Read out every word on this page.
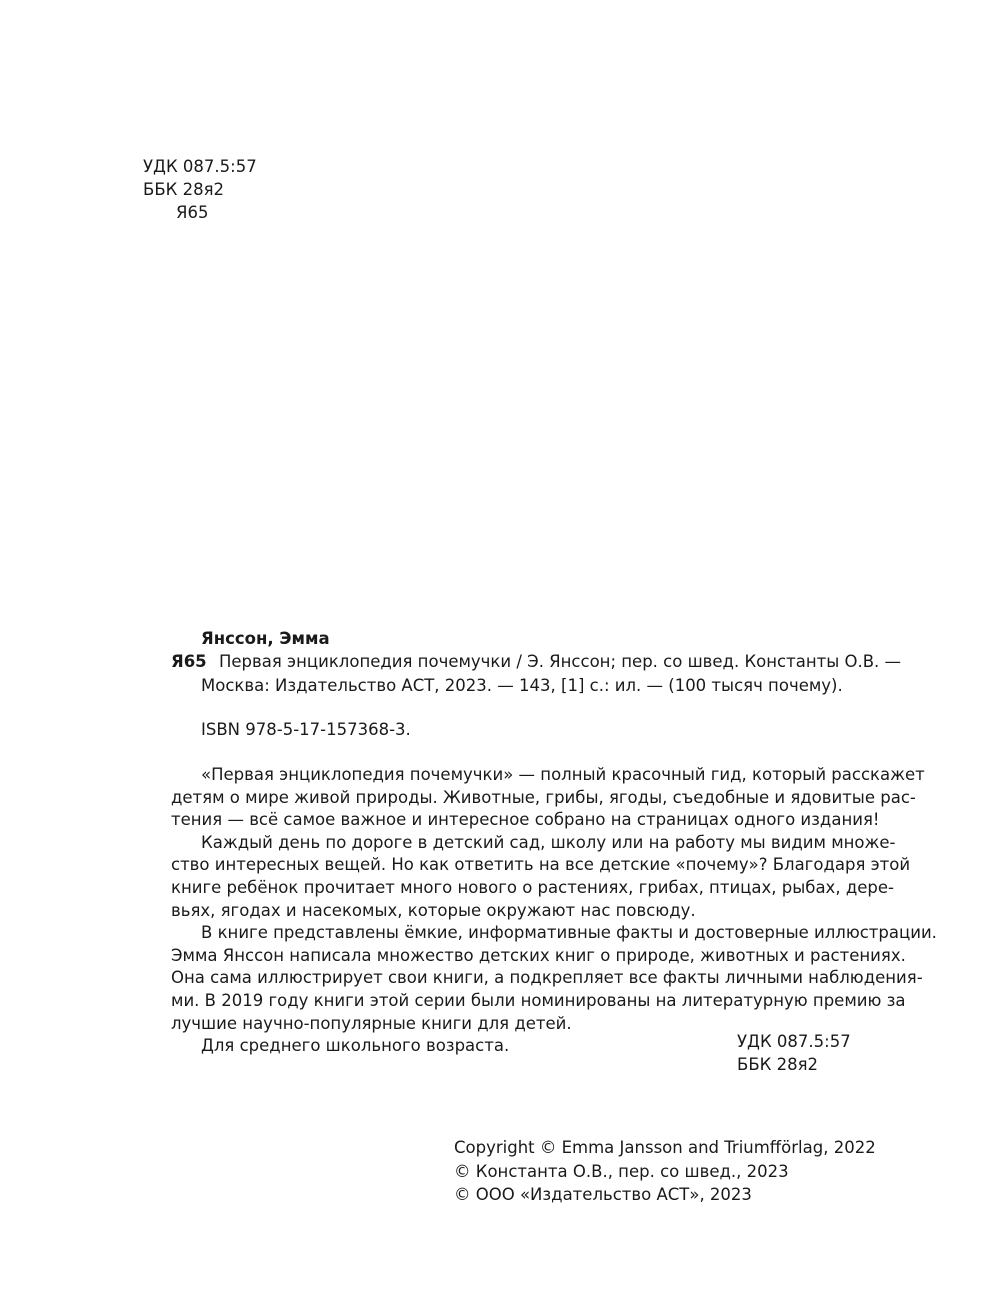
УДК 087.5:57
ББК 28я2
Я65
Янссон, Эмма
Я65 Первая энциклопедия почемучки / Э. Янссон; пер. со швед. Константы О.В. —
Москва: Издательство АСТ, 2023. — 143, [1] с.: ил. — (100 тысяч почему).
ISBN 978-5-17-157368-3.
«Первая энциклопедия почемучки» — полный красочный гид, который расскажет
детям о мире живой природы. Животные, грибы, ягоды, съедобные и ядовитые рас-
тения — всё самое важное и интересное собрано на страницах одного издания!
Каждый день по дороге в детский сад, школу или на работу мы видим множе-
ство интересных вещей. Но как ответить на все детские «почему»? Благодаря этой
книге ребёнок прочитает много нового о растениях, грибах, птицах, рыбах, дере-
вьях, ягодах и насекомых, которые окружают нас повсюду.
В книге представлены ёмкие, информативные факты и достоверные иллюстрации.
Эмма Янссон написала множество детских книг о природе, животных и растениях.
Она сама иллюстрирует свои книги, а подкрепляет все факты личными наблюдения-
ми. В 2019 году книги этой серии были номинированы на литературную премию за
лучшие научно-популярные книги для детей.
Для среднего школьного возраста.	УДК 087.5:57
ББК 28я2
Copyright © Emma Jansson and Triumfförlag, 2022
© Константа О.В., пер. со швед., 2023
© ООО «Издательство АСТ», 2023
